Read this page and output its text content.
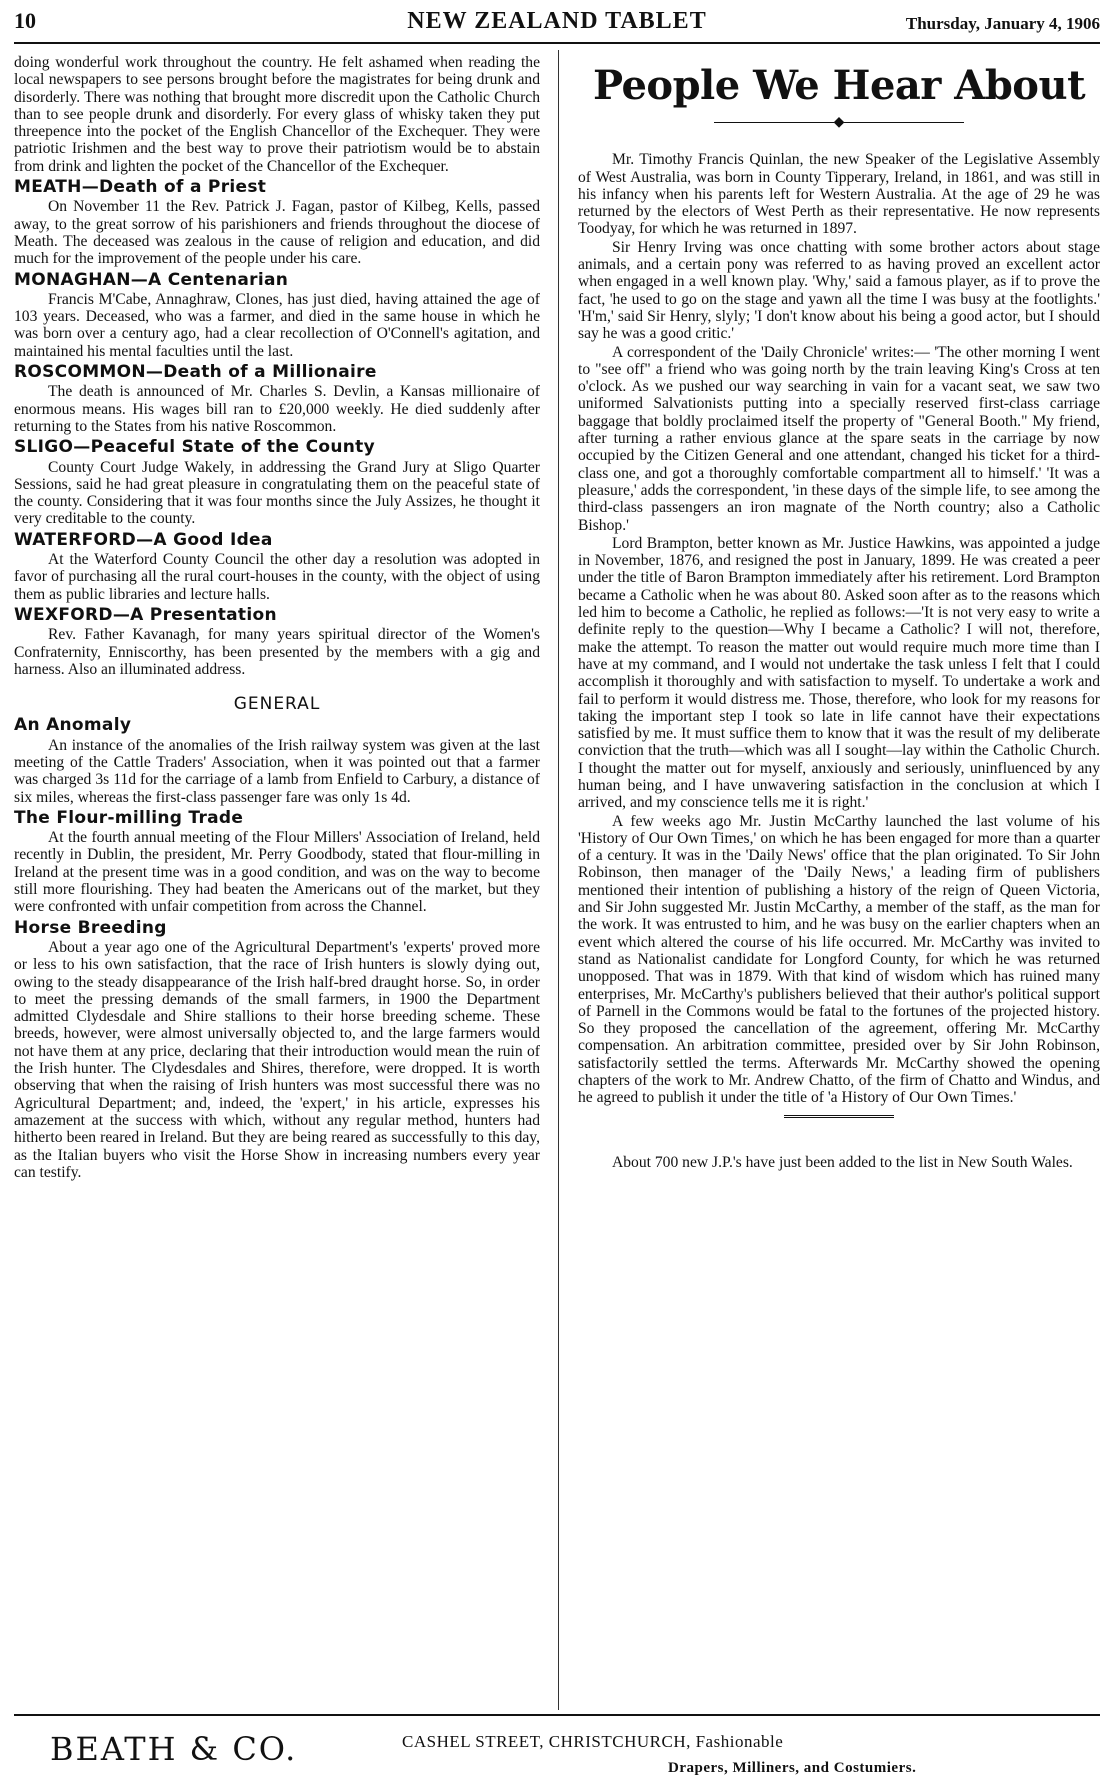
10	NEW ZEALAND TABLET	Thursday, January 4, 1906

doing wonderful work throughout the country. He felt ashamed when reading the local newspapers to see persons brought before the magistrates for being drunk and disorderly. There was nothing that brought more discredit upon the Catholic Church than to see people drunk and disorderly. For every glass of whisky taken they put threepence into the pocket of the English Chancellor of the Exchequer. They were patriotic Irishmen and the best way to prove their patriotism would be to abstain from drink and lighten the pocket of the Chancellor of the Exchequer.

MEATH—Death of a Priest

On November 11 the Rev. Patrick J. Fagan, pastor of Kilbeg, Kells, passed away, to the great sorrow of his parishioners and friends throughout the diocese of Meath. The deceased was zealous in the cause of religion and education, and did much for the improvement of the people under his care.

MONAGHAN—A Centenarian

Francis M'Cabe, Annaghraw, Clones, has just died, having attained the age of 103 years. Deceased, who was a farmer, and died in the same house in which he was born over a century ago, had a clear recollection of O'Connell's agitation, and maintained his mental faculties until the last.

ROSCOMMON—Death of a Millionaire

The death is announced of Mr. Charles S. Devlin, a Kansas millionaire of enormous means. His wages bill ran to £20,000 weekly. He died suddenly after returning to the States from his native Roscommon.

SLIGO—Peaceful State of the County

County Court Judge Wakely, in addressing the Grand Jury at Sligo Quarter Sessions, said he had great pleasure in congratulating them on the peaceful state of the county. Considering that it was four months since the July Assizes, he thought it very creditable to the county.

WATERFORD—A Good Idea

At the Waterford County Council the other day a resolution was adopted in favor of purchasing all the rural court-houses in the county, with the object of using them as public libraries and lecture halls.

WEXFORD—A Presentation

Rev. Father Kavanagh, for many years spiritual director of the Women's Confraternity, Enniscorthy, has been presented by the members with a gig and harness. Also an illuminated address.

GENERAL
An Anomaly

An instance of the anomalies of the Irish railway system was given at the last meeting of the Cattle Traders' Association, when it was pointed out that a farmer was charged 3s 11d for the carriage of a lamb from Enfield to Carbury, a distance of six miles, whereas the first-class passenger fare was only 1s 4d.

The Flour-milling Trade

At the fourth annual meeting of the Flour Millers' Association of Ireland, held recently in Dublin, the president, Mr. Perry Goodbody, stated that flour-milling in Ireland at the present time was in a good condition, and was on the way to become still more flourishing. They had beaten the Americans out of the market, but they were confronted with unfair competition from across the Channel.

Horse Breeding

About a year ago one of the Agricultural Department's 'experts' proved more or less to his own satisfaction, that the race of Irish hunters is slowly dying out, owing to the steady disappearance of the Irish half-bred draught horse. So, in order to meet the pressing demands of the small farmers, in 1900 the Department admitted Clydesdale and Shire stallions to their horse breeding scheme. These breeds, however, were almost universally objected to, and the large farmers would not have them at any price, declaring that their introduction would mean the ruin of the Irish hunter. The Clydesdales and Shires, therefore, were dropped. It is worth observing that when the raising of Irish hunters was most successful there was no Agricultural Department; and, indeed, the 'expert,' in his article, expresses his amazement at the success with which, without any regular method, hunters had hitherto been reared in Ireland. But they are being reared as successfully to this day, as the Italian buyers who visit the Horse Show in increasing numbers every year can testify.

People We Hear About
◆

Mr. Timothy Francis Quinlan, the new Speaker of the Legislative Assembly of West Australia, was born in County Tipperary, Ireland, in 1861, and was still in his infancy when his parents left for Western Australia. At the age of 29 he was returned by the electors of West Perth as their representative. He now represents Toodyay, for which he was returned in 1897.

Sir Henry Irving was once chatting with some brother actors about stage animals, and a certain pony was referred to as having proved an excellent actor when engaged in a well known play. 'Why,' said a famous player, as if to prove the fact, 'he used to go on the stage and yawn all the time I was busy at the footlights.' 'H'm,' said Sir Henry, slyly; 'I don't know about his being a good actor, but I should say he was a good critic.'

A correspondent of the 'Daily Chronicle' writes:— 'The other morning I went to "see off" a friend who was going north by the train leaving King's Cross at ten o'clock. As we pushed our way searching in vain for a vacant seat, we saw two uniformed Salvationists putting into a specially reserved first-class carriage baggage that boldly proclaimed itself the property of "General Booth." My friend, after turning a rather envious glance at the spare seats in the carriage by now occupied by the Citizen General and one attendant, changed his ticket for a third-class one, and got a thoroughly comfortable compartment all to himself.' 'It was a pleasure,' adds the correspondent, 'in these days of the simple life, to see among the third-class passengers an iron magnate of the North country; also a Catholic Bishop.'

Lord Brampton, better known as Mr. Justice Hawkins, was appointed a judge in November, 1876, and resigned the post in January, 1899. He was created a peer under the title of Baron Brampton immediately after his retirement. Lord Brampton became a Catholic when he was about 80. Asked soon after as to the reasons which led him to become a Catholic, he replied as follows:—'It is not very easy to write a definite reply to the question—Why I became a Catholic? I will not, therefore, make the attempt. To reason the matter out would require much more time than I have at my command, and I would not undertake the task unless I felt that I could accomplish it thoroughly and with satisfaction to myself. To undertake a work and fail to perform it would distress me. Those, therefore, who look for my reasons for taking the important step I took so late in life cannot have their expectations satisfied by me. It must suffice them to know that it was the result of my deliberate conviction that the truth—which was all I sought—lay within the Catholic Church. I thought the matter out for myself, anxiously and seriously, uninfluenced by any human being, and I have unwavering satisfaction in the conclusion at which I arrived, and my conscience tells me it is right.'

A few weeks ago Mr. Justin McCarthy launched the last volume of his 'History of Our Own Times,' on which he has been engaged for more than a quarter of a century. It was in the 'Daily News' office that the plan originated. To Sir John Robinson, then manager of the 'Daily News,' a leading firm of publishers mentioned their intention of publishing a history of the reign of Queen Victoria, and Sir John suggested Mr. Justin McCarthy, a member of the staff, as the man for the work. It was entrusted to him, and he was busy on the earlier chapters when an event which altered the course of his life occurred. Mr. McCarthy was invited to stand as Nationalist candidate for Longford County, for which he was returned unopposed. That was in 1879. With that kind of wisdom which has ruined many enterprises, Mr. McCarthy's publishers believed that their author's political support of Parnell in the Commons would be fatal to the fortunes of the projected history. So they proposed the cancellation of the agreement, offering Mr. McCarthy compensation. An arbitration committee, presided over by Sir John Robinson, satisfactorily settled the terms. Afterwards Mr. McCarthy showed the opening chapters of the work to Mr. Andrew Chatto, of the firm of Chatto and Windus, and he agreed to publish it under the title of 'a History of Our Own Times.'

About 700 new J.P.'s have just been added to the list in New South Wales.

BEATH & CO.	CASHEL STREET, CHRISTCHURCH, Fashionable
Drapers, Milliners, and Costumiers.
